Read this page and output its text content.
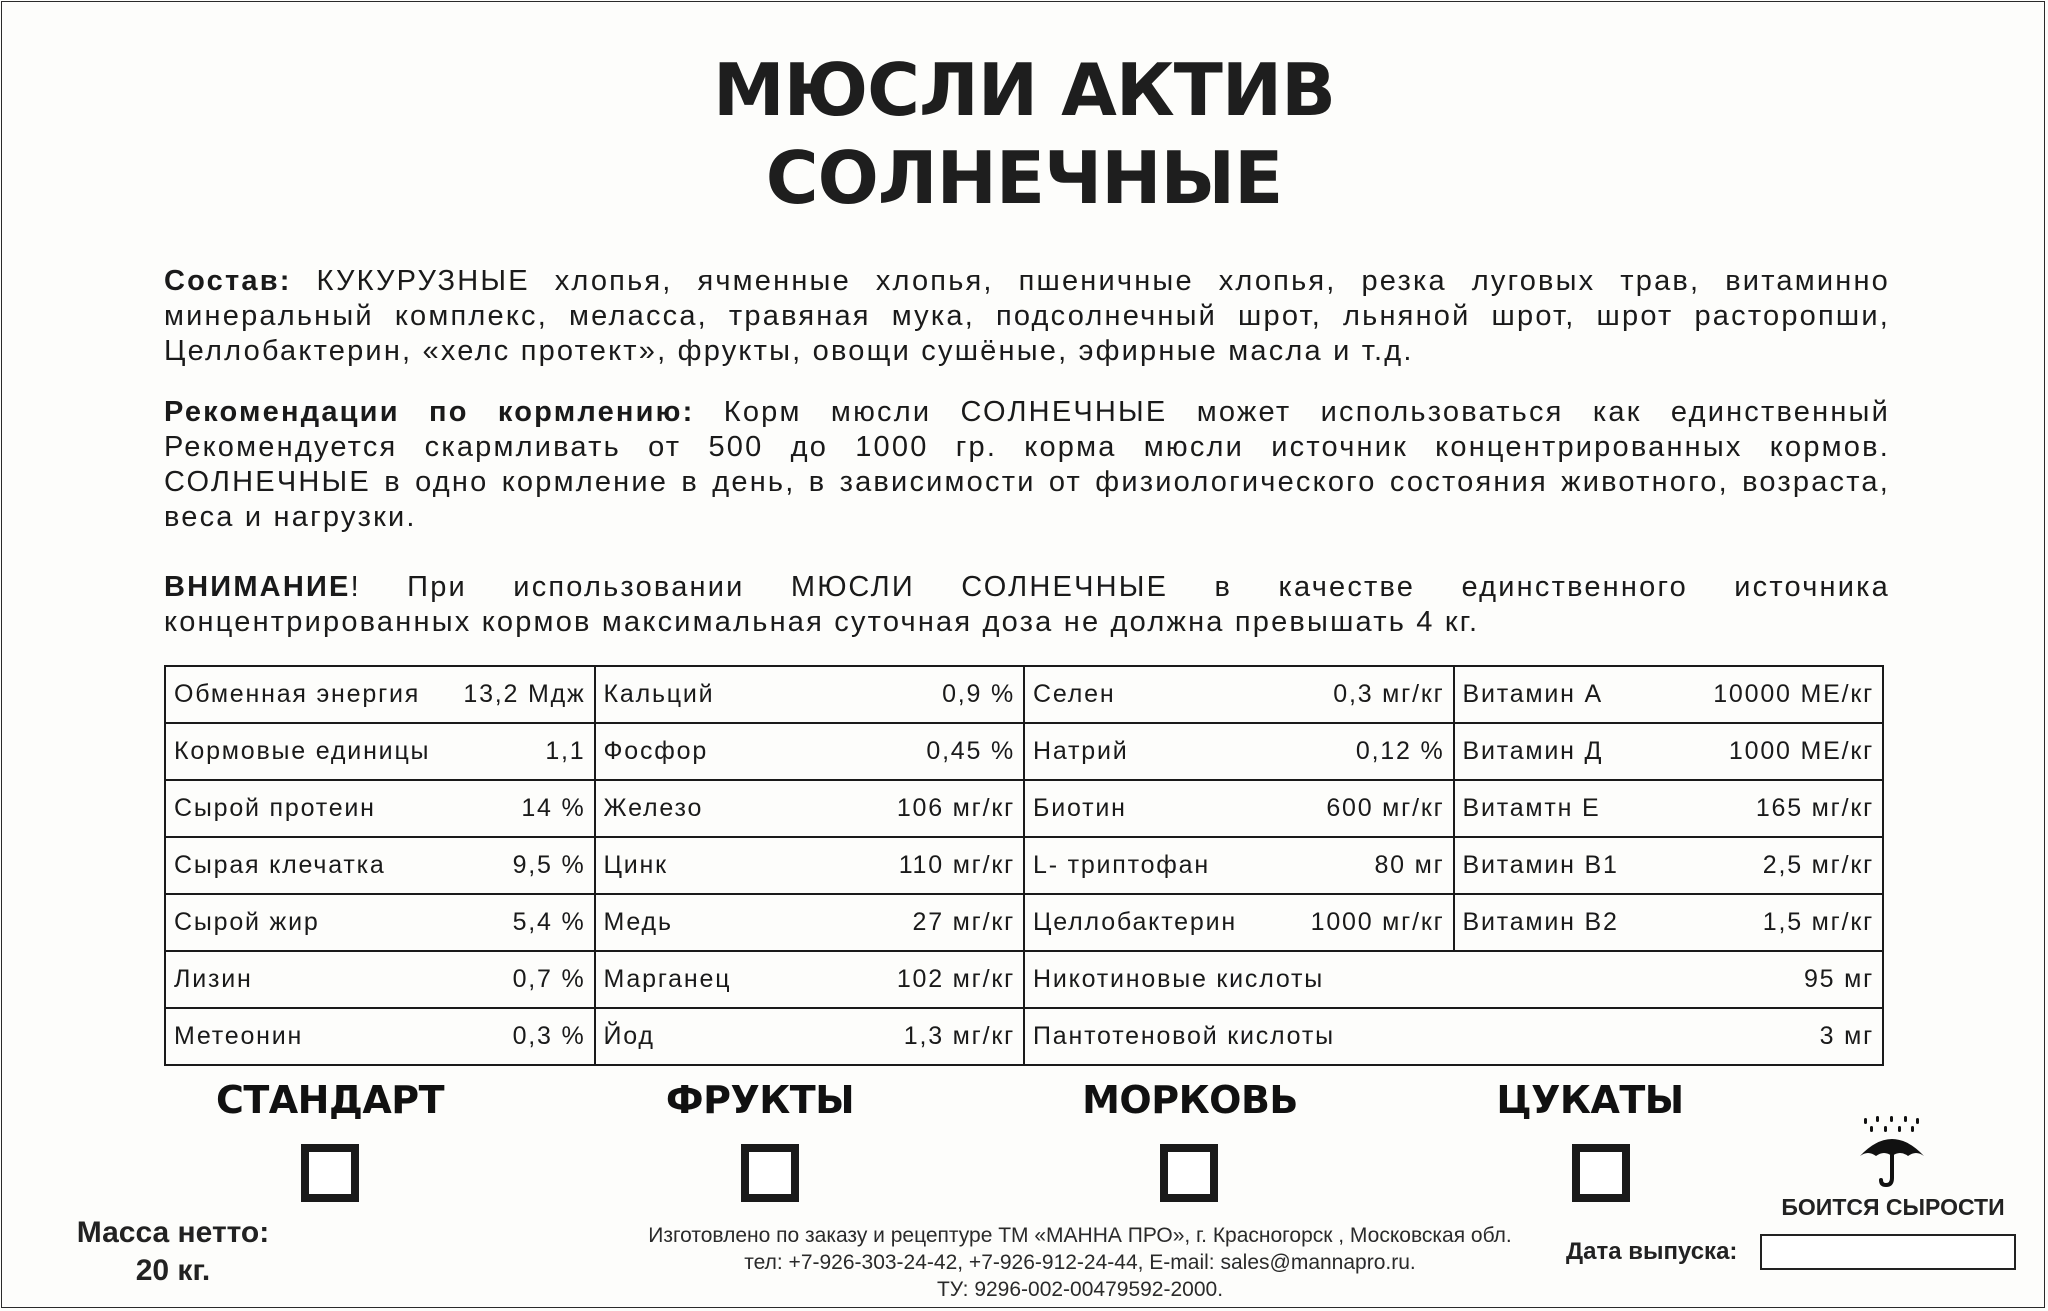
МЮСЛИ АКТИВ
СОЛНЕЧНЫЕ
Состав: КУКУРУЗНЫЕ хлопья, ячменные хлопья, пшеничные хлопья, резка луговых трав, витаминно минеральный комплекс, меласса, травяная мука, подсолнечный шрот, льняной шрот, шрот расторопши, Целлобактерин, «хелс протект», фрукты, овощи сушёные, эфирные масла и т.д.
Рекомендации по кормлению: Корм мюсли СОЛНЕЧНЫЕ может использоваться как единственный Рекомендуется скармливать от 500 до 1000 гр. корма мюсли источник концентрированных кормов. СОЛНЕЧНЫЕ в одно кормление в день, в зависимости от физиологического состояния животного, возраста, веса и нагрузки.
ВНИМАНИЕ! При использовании МЮСЛИ СОЛНЕЧНЫЕ в качестве единственного источника концентрированных кормов максимальная суточная доза не должна превышать 4 кг.
Обменная энергия 13,2 Мдж	Кальций 0,9 %	Селен 0,3 мг/кг	Витамин А 10000 МЕ/кг

Кормовые единицы 1,1	Фосфор 0,45 %	Натрий 0,12 %	Витамин Д 1000 МЕ/кг

Сырой протеин 14 %	Железо 106 мг/кг	Биотин 600 мг/кг	Витамтн Е 165 мг/кг

Сырая клечатка 9,5 %	Цинк 110 мг/кг	L- триптофан 80 мг	Витамин В1 2,5 мг/кг

Сырой жир 5,4 %	Медь 27 мг/кг	Целлобактерин 1000 мг/кг	Витамин В2 1,5 мг/кг

Лизин 0,7 %	Марганец 102 мг/кг	Никотиновые кислоты 95 мг	

Метеонин 0,3 %	Йод 1,3 мг/кг	Пантотеновой кислоты 3 мг	
СТАНДАРТ	ФРУКТЫ	МОРКОВЬ	ЦУКАТЫ
Масса нетто:
20 кг.
Изготовлено по заказу и рецептуре ТМ «МАННА ПРО», г. Красногорск , Московская обл.
тел: +7-926-303-24-42, +7-926-912-24-44, E-mail: sales@mannapro.ru.
ТУ: 9296-002-00479592-2000.
БОИТСЯ СЫРОСТИ
Дата выпуска:
